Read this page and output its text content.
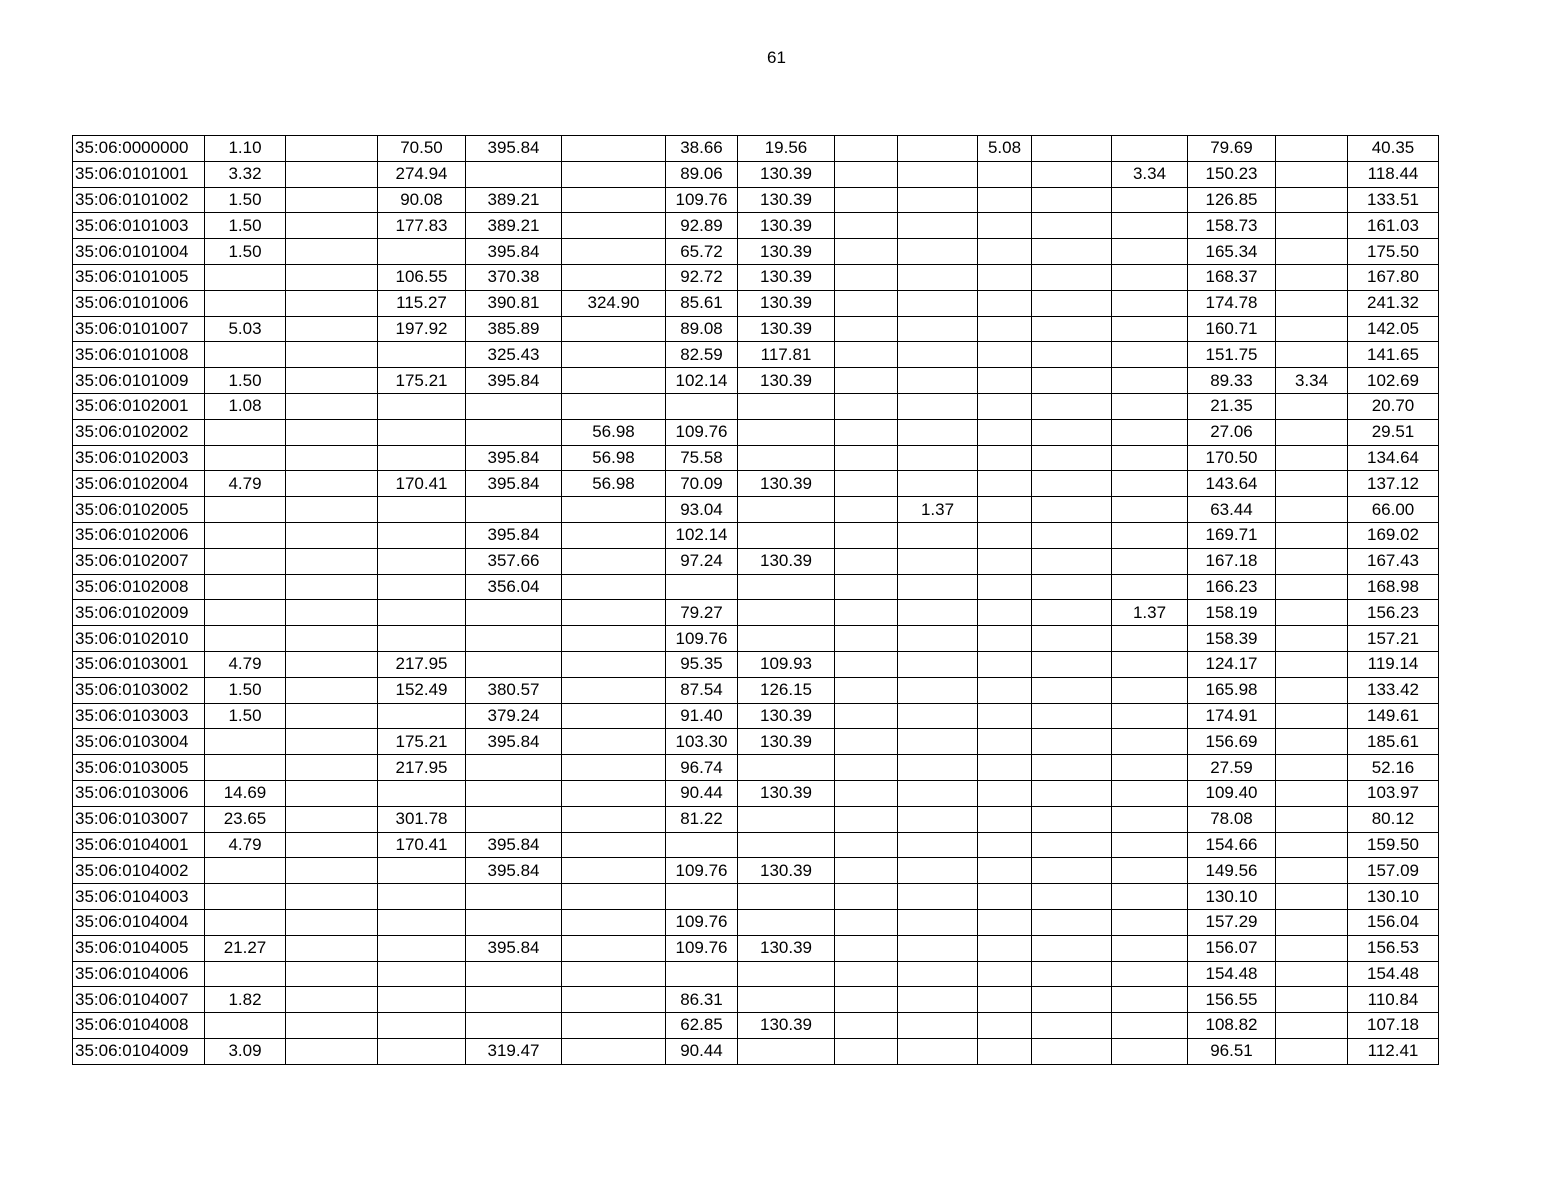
61
35:06:0000000	1.10		70.50	395.84		38.66	19.56			5.08			79.69		40.35
35:06:0101001	3.32		274.94			89.06	130.39					3.34	150.23		118.44
35:06:0101002	1.50		90.08	389.21		109.76	130.39						126.85		133.51
35:06:0101003	1.50		177.83	389.21		92.89	130.39						158.73		161.03
35:06:0101004	1.50			395.84		65.72	130.39						165.34		175.50
35:06:0101005			106.55	370.38		92.72	130.39						168.37		167.80
35:06:0101006			115.27	390.81	324.90	85.61	130.39						174.78		241.32
35:06:0101007	5.03		197.92	385.89		89.08	130.39						160.71		142.05
35:06:0101008				325.43		82.59	117.81						151.75		141.65
35:06:0101009	1.50		175.21	395.84		102.14	130.39						89.33	3.34	102.69
35:06:0102001	1.08												21.35		20.70
35:06:0102002					56.98	109.76							27.06		29.51
35:06:0102003				395.84	56.98	75.58							170.50		134.64
35:06:0102004	4.79		170.41	395.84	56.98	70.09	130.39						143.64		137.12
35:06:0102005						93.04			1.37				63.44		66.00
35:06:0102006				395.84		102.14							169.71		169.02
35:06:0102007				357.66		97.24	130.39						167.18		167.43
35:06:0102008				356.04									166.23		168.98
35:06:0102009						79.27						1.37	158.19		156.23
35:06:0102010						109.76							158.39		157.21
35:06:0103001	4.79		217.95			95.35	109.93						124.17		119.14
35:06:0103002	1.50		152.49	380.57		87.54	126.15						165.98		133.42
35:06:0103003	1.50			379.24		91.40	130.39						174.91		149.61
35:06:0103004			175.21	395.84		103.30	130.39						156.69		185.61
35:06:0103005			217.95			96.74							27.59		52.16
35:06:0103006	14.69					90.44	130.39						109.40		103.97
35:06:0103007	23.65		301.78			81.22							78.08		80.12
35:06:0104001	4.79		170.41	395.84									154.66		159.50
35:06:0104002				395.84		109.76	130.39						149.56		157.09
35:06:0104003													130.10		130.10
35:06:0104004						109.76							157.29		156.04
35:06:0104005	21.27			395.84		109.76	130.39						156.07		156.53
35:06:0104006													154.48		154.48
35:06:0104007	1.82					86.31							156.55		110.84
35:06:0104008						62.85	130.39						108.82		107.18
35:06:0104009	3.09			319.47		90.44							96.51		112.41
